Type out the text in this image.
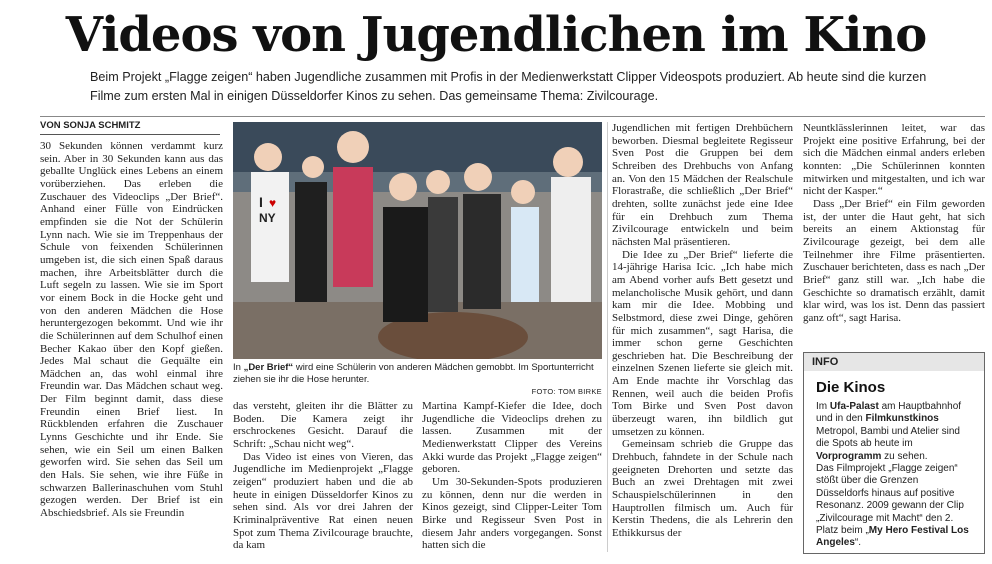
Videos von Jugendlichen im Kino
Beim Projekt „Flagge zeigen“ haben Jugendliche zusammen mit Profis in der Medienwerkstatt Clipper Videospots produziert. Ab heute sind die kurzen Filme zum ersten Mal in einigen Düsseldorfer Kinos zu sehen. Das gemeinsame Thema: Zivilcourage.
VON SONJA SCHMITZ

30 Sekunden können verdammt kurz sein. Aber in 30 Sekunden kann aus das geballte Unglück eines Lebens an einem vorüberziehen. Das erleben die Zuschauer des Videoclips „Der Brief“. Anhand einer Fülle von Eindrücken empfinden sie die Not der Schülerin Lynn nach. Wie sie im Treppenhaus der Schule von feixenden Schülerinnen umgeben ist, die sich einen Spaß daraus machen, ihre Arbeitsblätter durch die Luft segeln zu lassen. Wie sie im Sport vor einem Bock in die Hocke geht und von den anderen Mädchen die Hose heruntergezogen bekommt. Und wie ihr die Schülerinnen auf dem Schulhof einen Becher Kakao über den Kopf gießen. Jedes Mal schaut die Gequälte ein Mädchen an, das wohl einmal ihre Freundin war. Das Mädchen schaut weg. Der Film beginnt damit, dass diese Freundin einen Brief liest. In Rückblenden erfahren die Zuschauer Lynns Geschichte und ihr Ende. Sie sehen, wie ein Seil um einen Balken geworfen wird. Sie sehen das Seil um den Hals. Sie sehen, wie ihre Füße in schwarzen Ballerinaschuhen vom Stuhl gezogen werden. Der Brief ist ein Abschiedsbrief. Als sie Freundin

I ♥
NY
In „Der Brief“ wird eine Schülerin von anderen Mädchen gemobbt. Im Sportunterricht ziehen sie ihr die Hose herunter.
FOTO: TOM BIRKE

das versteht, gleiten ihr die Blätter zu Boden. Die Kamera zeigt ihr erschrockenes Gesicht. Darauf die Schrift: „Schau nicht weg“.

Das Video ist eines von Vieren, das Jugendliche im Medienprojekt „Flagge zeigen“ produziert haben und die ab heute in einigen Düsseldorfer Kinos zu sehen sind. Als vor drei Jahren der Kriminalpräventive Rat einen neuen Spot zum Thema Zivilcourage brauchte, da kam

Martina Kampf-Kiefer die Idee, doch Jugendliche die Videoclips drehen zu lassen. Zusammen mit der Medienwerkstatt Clipper des Vereins Akki wurde das Projekt „Flagge zeigen“ geboren.

Um 30-Sekunden-Spots produzieren zu können, denn nur die werden in Kinos gezeigt, sind Clipper-Leiter Tom Birke und Regisseur Sven Post in diesem Jahr anders vorgegangen. Sonst hatten sich die

Jugendlichen mit fertigen Drehbüchern beworben. Diesmal begleitete Regisseur Sven Post die Gruppen bei dem Schreiben des Drehbuchs von Anfang an. Von den 15 Mädchen der Realschule Florastraße, die schließlich „Der Brief“ drehten, sollte zunächst jede eine Idee für ein Drehbuch zum Thema Zivilcourage entwickeln und beim nächsten Mal präsentieren.

Die Idee zu „Der Brief“ lieferte die 14-jährige Harisa Icic. „Ich habe mich am Abend vorher aufs Bett gesetzt und melancholische Musik gehört, und dann kam mir die Idee. Mobbing und Selbstmord, diese zwei Dinge, gehören für mich zusammen“, sagt Harisa, die immer schon gerne Geschichten geschrieben hat. Die Beschreibung der einzelnen Szenen lieferte sie gleich mit. Am Ende machte ihr Vorschlag das Rennen, weil auch die beiden Profis Tom Birke und Sven Post davon überzeugt waren, ihn bildlich gut umsetzen zu können.

Gemeinsam schrieb die Gruppe das Drehbuch, fahndete in der Schule nach geeigneten Drehorten und setzte das Buch an zwei Drehtagen mit zwei Schauspielschülerinnen in den Hauptrollen filmisch um. Auch für Kerstin Thedens, die als Lehrerin den Ethikkursus der

Neuntklässlerinnen leitet, war das Projekt eine positive Erfahrung, bei der sich die Mädchen einmal anders erleben konnten: „Die Schülerinnen konnten mitwirken und mitgestalten, und ich war nicht der Kasper.“

Dass „Der Brief“ ein Film geworden ist, der unter die Haut geht, hat sich bereits an einem Aktionstag für Zivilcourage gezeigt, bei dem alle Teilnehmer ihre Filme präsentierten. Zuschauer berichteten, dass es nach „Der Brief“ ganz still war. „Ich habe die Geschichte so dramatisch erzählt, damit klar wird, was los ist. Denn das passiert ganz oft“, sagt Harisa.

INFO
Die Kinos

Im Ufa-Palast am Hauptbahnhof und in den Filmkunstkinos Metropol, Bambi und Atelier sind die Spots ab heute im Vorprogramm zu sehen.

Das Filmprojekt „Flagge zeigen“ stößt über die Grenzen Düsseldorfs hinaus auf positive Resonanz. 2009 gewann der Clip „Zivilcourage mit Macht“ den 2. Platz beim „My Hero Festival Los Angeles“.
